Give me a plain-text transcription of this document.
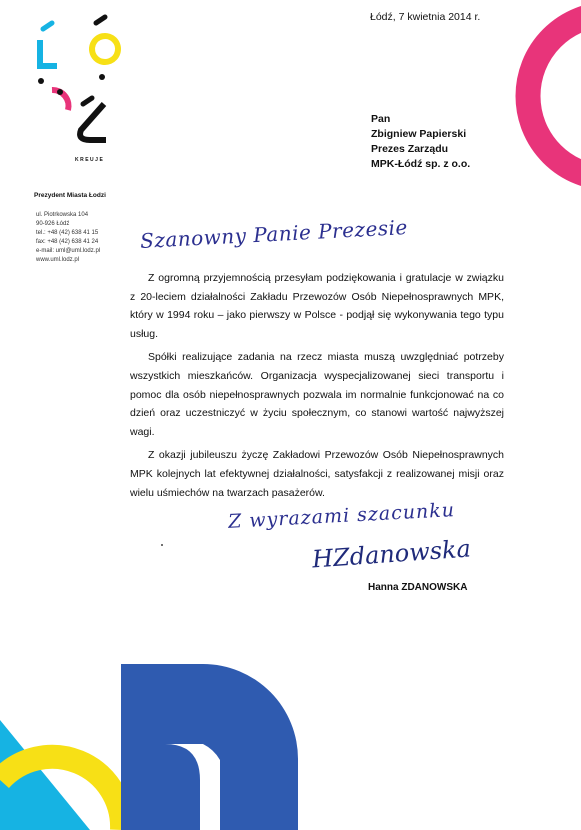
Łódź, 7 kwietnia 2014 r.
Pan
Zbigniew Papierski
Prezes Zarządu
MPK-Łódź sp. z o.o.
KREUJE
Prezydent Miasta Łodzi
ul. Piotrkowska 104
90-926 Łódź
tel.: +48 (42) 638 41 15
fax: +48 (42) 638 41 24
e-mail: uml@uml.lodz.pl
www.uml.lodz.pl
Szanowny Panie Prezesie

Z ogromną przyjemnością przesyłam podziękowania i gratulacje w związku z 20-leciem działalności Zakładu Przewozów Osób Niepełnosprawnych MPK, który w 1994 roku – jako pierwszy w Polsce - podjął się wykonywania tego typu usług.

Spółki realizujące zadania na rzecz miasta muszą uwzględniać potrzeby wszystkich mieszkańców. Organizacja wyspecjalizowanej sieci transportu i pomoc dla osób niepełnosprawnych pozwala im normalnie funkcjonować na co dzień oraz uczestniczyć w życiu społecznym, co stanowi wartość najwyższej wagi.

Z okazji jubileuszu życzę Zakładowi Przewozów Osób Niepełnosprawnych MPK kolejnych lat efektywnej działalności, satysfakcji z realizowanej misji oraz wielu uśmiechów na twarzach pasażerów.

Z wyrazami szacunku
HZdanowska
Hanna ZDANOWSKA
